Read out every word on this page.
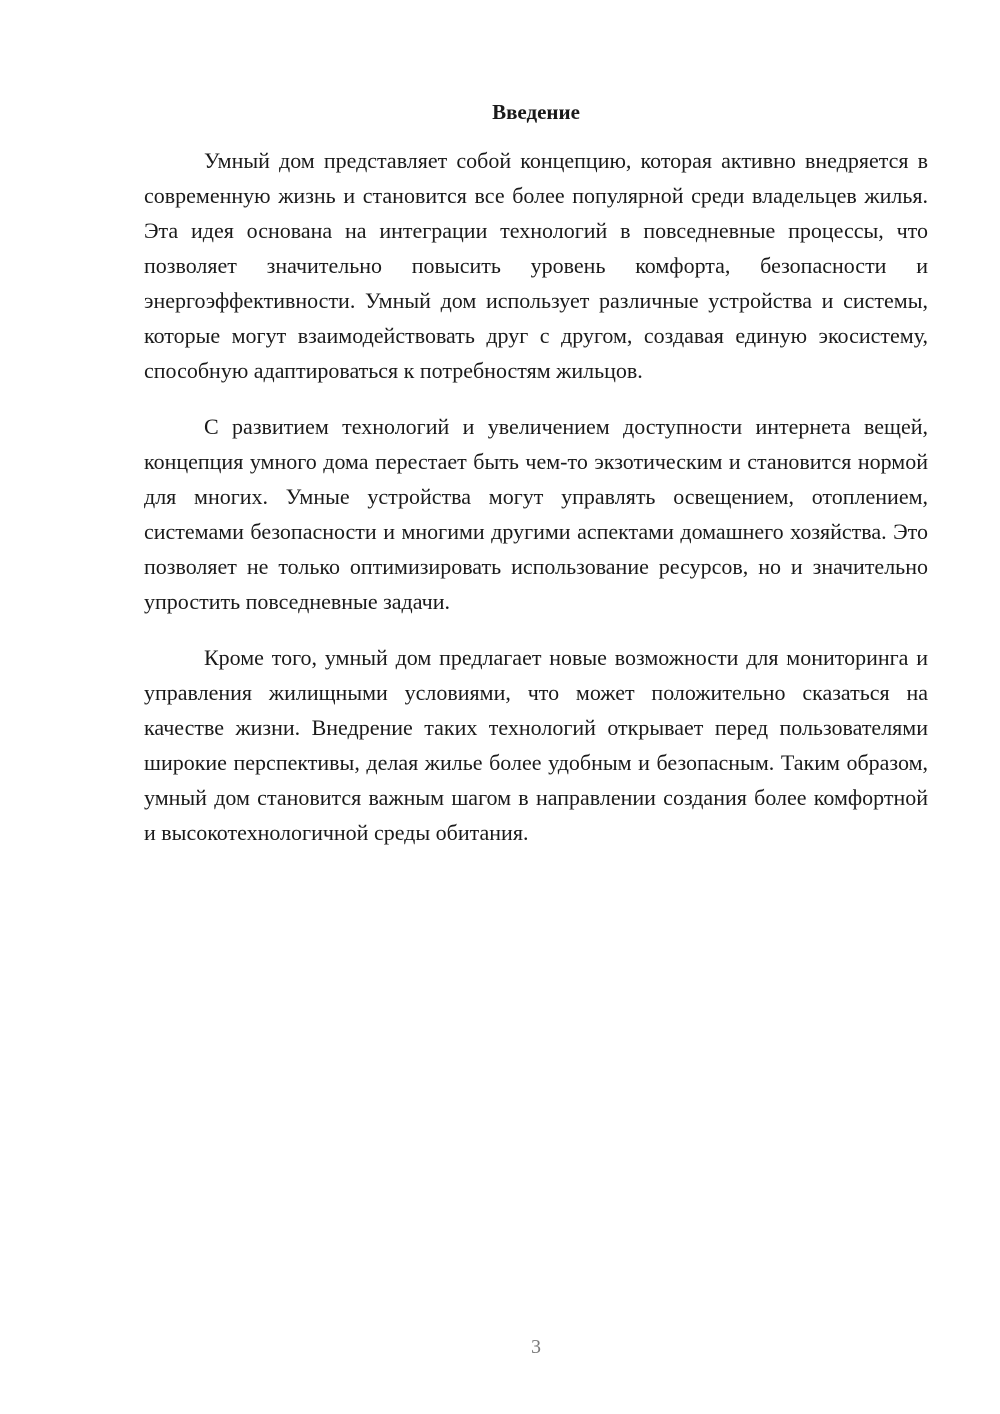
Введение

Умный дом представляет собой концепцию, которая активно внедряется в современную жизнь и становится все более популярной среди владельцев жилья. Эта идея основана на интеграции технологий в повседневные процессы, что позволяет значительно повысить уровень комфорта, безопасности и энергоэффективности. Умный дом использует различные устройства и системы, которые могут взаимодействовать друг с другом, создавая единую экосистему, способную адаптироваться к потребностям жильцов.

С развитием технологий и увеличением доступности интернета вещей, концепция умного дома перестает быть чем-то экзотическим и становится нормой для многих. Умные устройства могут управлять освещением, отоплением, системами безопасности и многими другими аспектами домашнего хозяйства. Это позволяет не только оптимизировать использование ресурсов, но и значительно упростить повседневные задачи.

Кроме того, умный дом предлагает новые возможности для мониторинга и управления жилищными условиями, что может положительно сказаться на качестве жизни. Внедрение таких технологий открывает перед пользователями широкие перспективы, делая жилье более удобным и безопасным. Таким образом, умный дом становится важным шагом в направлении создания более комфортной и высокотехнологичной среды обитания.

3
